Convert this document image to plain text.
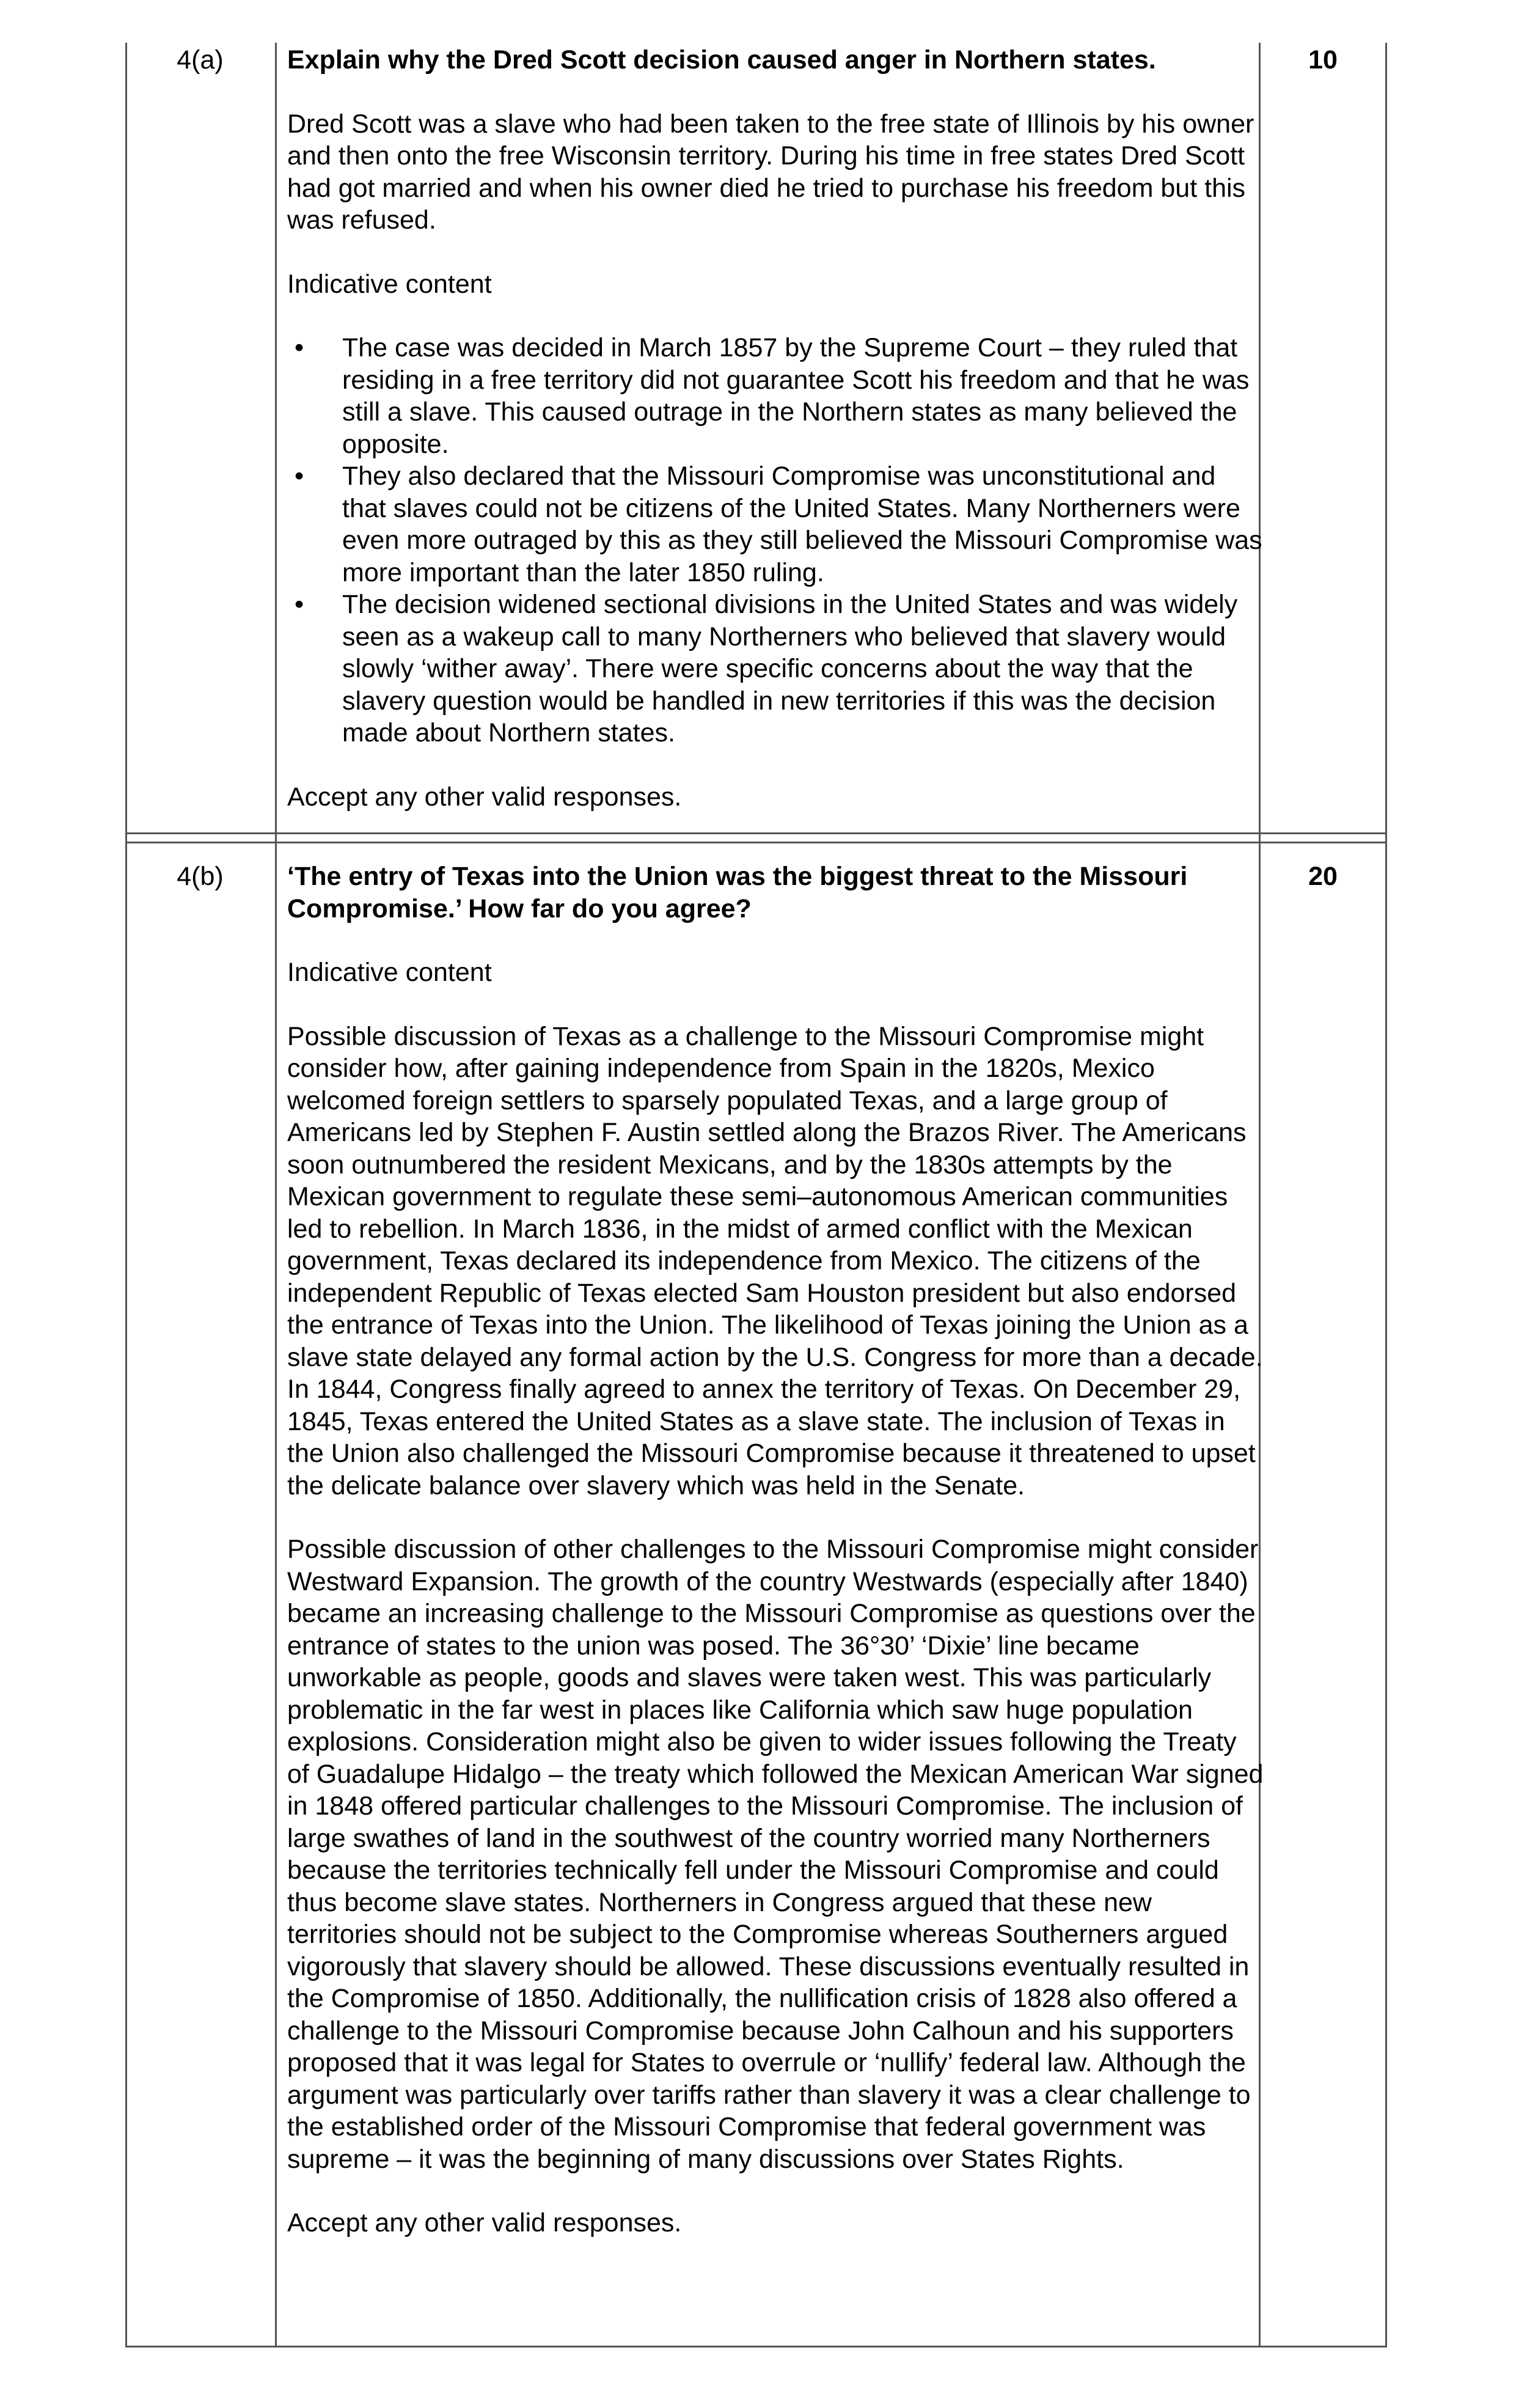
4(a)	10

Explain why the Dred Scott decision caused anger in Northern states.

Dred Scott was a slave who had been taken to the free state of Illinois by his owner and then onto the free Wisconsin territory. During his time in free states Dred Scott had got married and when his owner died he tried to purchase his freedom but this was refused.

Indicative content

• The case was decided in March 1857 by the Supreme Court – they ruled that residing in a free territory did not guarantee Scott his freedom and that he was still a slave. This caused outrage in the Northern states as many believed the opposite.
• They also declared that the Missouri Compromise was unconstitutional and that slaves could not be citizens of the United States. Many Northerners were even more outraged by this as they still believed the Missouri Compromise was more important than the later 1850 ruling.
• The decision widened sectional divisions in the United States and was widely seen as a wakeup call to many Northerners who believed that slavery would slowly ‘wither away’. There were specific concerns about the way that the slavery question would be handled in new territories if this was the decision made about Northern states.

Accept any other valid responses.

4(b)	20

‘The entry of Texas into the Union was the biggest threat to the Missouri Compromise.’ How far do you agree?

Indicative content

Possible discussion of Texas as a challenge to the Missouri Compromise might consider how, after gaining independence from Spain in the 1820s, Mexico welcomed foreign settlers to sparsely populated Texas, and a large group of Americans led by Stephen F. Austin settled along the Brazos River. The Americans soon outnumbered the resident Mexicans, and by the 1830s attempts by the Mexican government to regulate these semi–autonomous American communities led to rebellion. In March 1836, in the midst of armed conflict with the Mexican government, Texas declared its independence from Mexico. The citizens of the independent Republic of Texas elected Sam Houston president but also endorsed the entrance of Texas into the Union. The likelihood of Texas joining the Union as a slave state delayed any formal action by the U.S. Congress for more than a decade. In 1844, Congress finally agreed to annex the territory of Texas. On December 29, 1845, Texas entered the United States as a slave state. The inclusion of Texas in the Union also challenged the Missouri Compromise because it threatened to upset the delicate balance over slavery which was held in the Senate.

Possible discussion of other challenges to the Missouri Compromise might consider Westward Expansion. The growth of the country Westwards (especially after 1840) became an increasing challenge to the Missouri Compromise as questions over the entrance of states to the union was posed. The 36°30’ ‘Dixie’ line became unworkable as people, goods and slaves were taken west. This was particularly problematic in the far west in places like California which saw huge population explosions. Consideration might also be given to wider issues following the Treaty of Guadalupe Hidalgo – the treaty which followed the Mexican American War signed in 1848 offered particular challenges to the Missouri Compromise. The inclusion of large swathes of land in the southwest of the country worried many Northerners because the territories technically fell under the Missouri Compromise and could thus become slave states. Northerners in Congress argued that these new territories should not be subject to the Compromise whereas Southerners argued vigorously that slavery should be allowed. These discussions eventually resulted in the Compromise of 1850. Additionally, the nullification crisis of 1828 also offered a challenge to the Missouri Compromise because John Calhoun and his supporters proposed that it was legal for States to overrule or ‘nullify’ federal law. Although the argument was particularly over tariffs rather than slavery it was a clear challenge to the established order of the Missouri Compromise that federal government was supreme – it was the beginning of many discussions over States Rights.

Accept any other valid responses.
